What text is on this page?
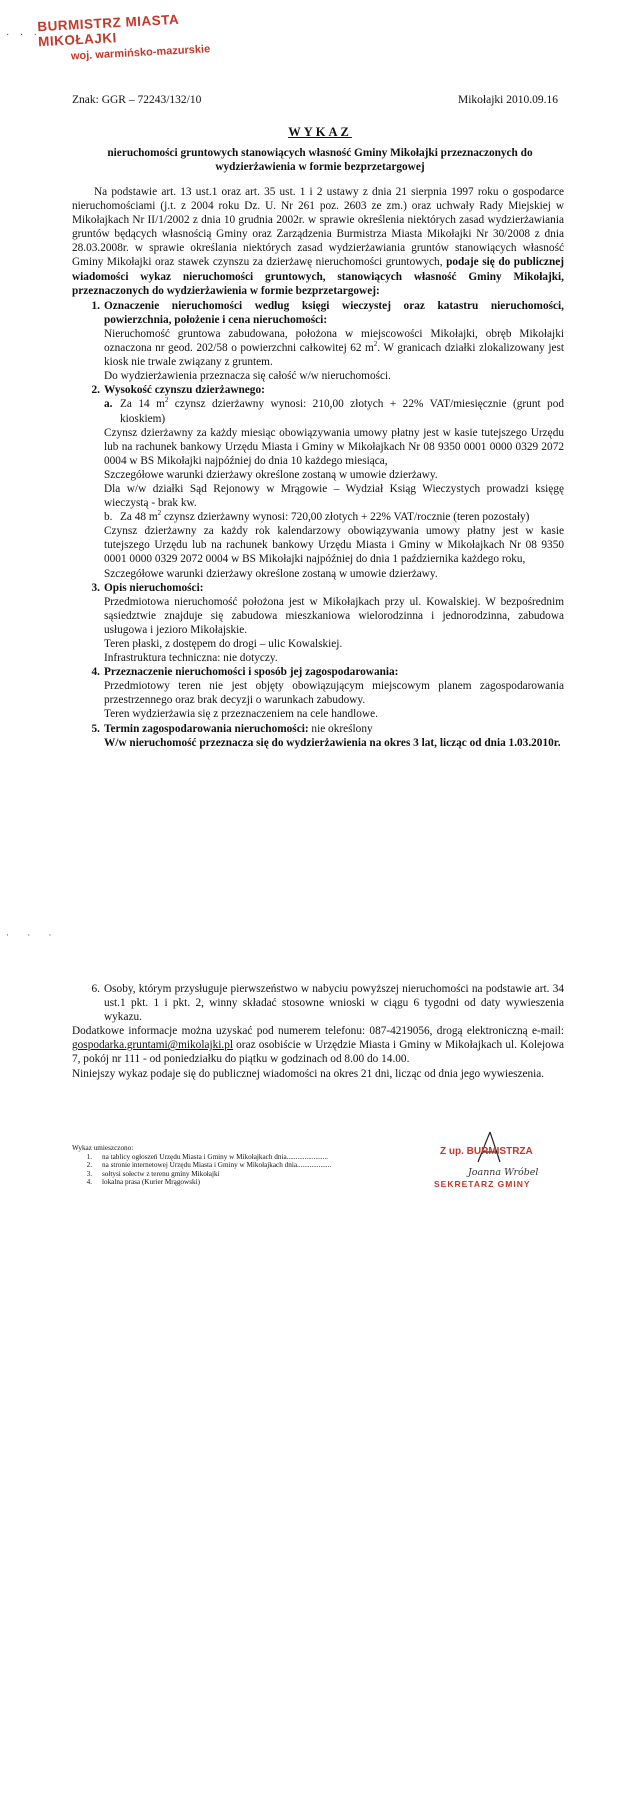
· · ·
BURMISTRZ MIASTA MIKOŁAJKI
woj. warmińsko-mazurskie
Znak: GGR – 72243/132/10	Mikołajki 2010.09.16
WYKAZ
nieruchomości gruntowych stanowiących własność Gminy Mikołajki przeznaczonych do wydzierżawienia w formie bezprzetargowej
Na podstawie art. 13 ust.1 oraz art. 35 ust. 1 i 2 ustawy z dnia 21 sierpnia 1997 roku o gospodarce nieruchomościami (j.t. z 2004 roku Dz. U. Nr 261 poz. 2603 ze zm.) oraz uchwały Rady Miejskiej w Mikołajkach Nr II/1/2002 z dnia 10 grudnia 2002r. w sprawie określenia niektórych zasad wydzierżawiania gruntów będących własnością Gminy oraz Zarządzenia Burmistrza Miasta Mikołajki Nr 30/2008 z dnia 28.03.2008r. w sprawie określania niektórych zasad wydzierżawiania gruntów stanowiących własność Gminy Mikołajki oraz stawek czynszu za dzierżawę nieruchomości gruntowych, podaje się do publicznej wiadomości wykaz nieruchomości gruntowych, stanowiących własność Gminy Mikołajki, przeznaczonych do wydzierżawienia w formie bezprzetargowej:
1. Oznaczenie nieruchomości według księgi wieczystej oraz katastru nieruchomości, powierzchnia, położenie i cena nieruchomości:
Nieruchomość gruntowa zabudowana, położona w miejscowości Mikołajki, obręb Mikołajki oznaczona nr geod. 202/58 o powierzchni całkowitej 62 $m^2$. W granicach działki zlokalizowany jest kiosk nie trwale związany z gruntem.
Do wydzierżawienia przeznacza się całość w/w nieruchomości.
2. Wysokość czynszu dzierżawnego:
a. Za 14 $m^2$ czynsz dzierżawny wynosi: 210,00 złotych + 22% VAT/miesięcznie (grunt pod kioskiem)
Czynsz dzierżawny za każdy miesiąc obowiązywania umowy płatny jest w kasie tutejszego Urzędu lub na rachunek bankowy Urzędu Miasta i Gminy w Mikołajkach Nr 08 9350 0001 0000 0329 2072 0004 w BS Mikołajki najpóźniej do dnia 10 każdego miesiąca,
Szczegółowe warunki dzierżawy określone zostaną w umowie dzierżawy.
Dla w/w działki Sąd Rejonowy w Mrągowie – Wydział Ksiąg Wieczystych prowadzi księgę wieczystą - brak kw.
b. Za 48 $m^2$ czynsz dzierżawny wynosi: 720,00 złotych + 22% VAT/rocznie (teren pozostały)
Czynsz dzierżawny za każdy rok kalendarzowy obowiązywania umowy płatny jest w kasie tutejszego Urzędu lub na rachunek bankowy Urzędu Miasta i Gminy w Mikołajkach Nr 08 9350 0001 0000 0329 2072 0004 w BS Mikołajki najpóźniej do dnia 1 października każdego roku,
Szczegółowe warunki dzierżawy określone zostaną w umowie dzierżawy.
3. Opis nieruchomości:
Przedmiotowa nieruchomość położona jest w Mikołajkach przy ul. Kowalskiej. W bezpośrednim sąsiedztwie znajduje się zabudowa mieszkaniowa wielorodzinna i jednorodzinna, zabudowa usługowa i jezioro Mikołajskie.
Teren płaski, z dostępem do drogi – ulic Kowalskiej.
Infrastruktura techniczna: nie dotyczy.
4. Przeznaczenie nieruchomości i sposób jej zagospodarowania:
Przedmiotowy teren nie jest objęty obowiązującym miejscowym planem zagospodarowania przestrzennego oraz brak decyzji o warunkach zabudowy.
Teren wydzierżawia się z przeznaczeniem na cele handlowe.
5. Termin zagospodarowania nieruchomości: nie określony
W/w nieruchomość przeznacza się do wydzierżawienia na okres 3 lat, licząc od dnia 1.03.2010r.
· · ·
6. Osoby, którym przysługuje pierwszeństwo w nabyciu powyższej nieruchomości na podstawie art. 34 ust.1 pkt. 1 i pkt. 2, winny składać stosowne wnioski w ciągu 6 tygodni od daty wywieszenia wykazu.
Dodatkowe informacje można uzyskać pod numerem telefonu: 087-4219056, drogą elektroniczną e-mail: gospodarka.gruntami@mikolajki.pl oraz osobiście w Urzędzie Miasta i Gminy w Mikołajkach ul. Kolejowa 7, pokój nr 111 - od poniedziałku do piątku w godzinach od 8.00 do 14.00.
Niniejszy wykaz podaje się do publicznej wiadomości na okres 21 dni, licząc od dnia jego wywieszenia.
Wykaz umieszczono:
1.	na tablicy ogłoszeń Urzędu Miasta i Gminy w Mikołajkach dnia.......................
2.	na stronie internetowej Urzędu Miasta i Gminy w Mikołajkach dnia...................
3.	sołtysi sołectw z terenu gminy Mikołajki
4.	lokalna prasa (Kurier Mrągowski)
Z up. BURMISTRZA
Joanna Wróbel
SEKRETARZ GMINY
